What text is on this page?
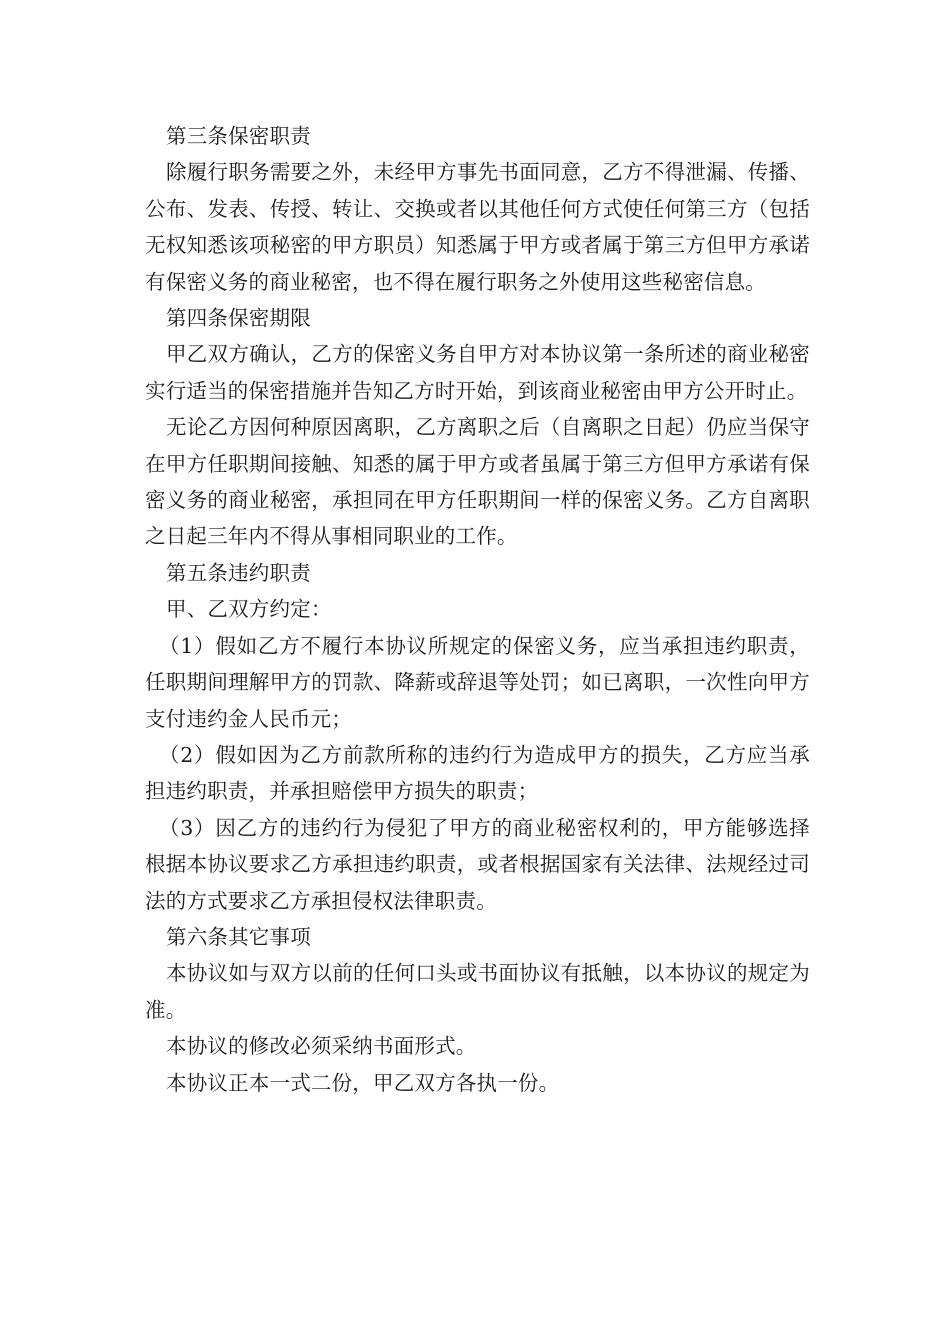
第三条保密职责

除履行职务需要之外，未经甲方事先书面同意，乙方不得泄漏、传播、公布、发表、传授、转让、交换或者以其他任何方式使任何第三方（包括无权知悉该项秘密的甲方职员）知悉属于甲方或者属于第三方但甲方承诺有保密义务的商业秘密，也不得在履行职务之外使用这些秘密信息。

第四条保密期限

甲乙双方确认，乙方的保密义务自甲方对本协议第一条所述的商业秘密实行适当的保密措施并告知乙方时开始，到该商业秘密由甲方公开时止。

无论乙方因何种原因离职，乙方离职之后（自离职之日起）仍应当保守在甲方任职期间接触、知悉的属于甲方或者虽属于第三方但甲方承诺有保密义务的商业秘密，承担同在甲方任职期间一样的保密义务。乙方自离职之日起三年内不得从事相同职业的工作。

第五条违约职责

甲、乙双方约定：

（1）假如乙方不履行本协议所规定的保密义务，应当承担违约职责，任职期间理解甲方的罚款、降薪或辞退等处罚；如已离职，一次性向甲方支付违约金人民币元；

（2）假如因为乙方前款所称的违约行为造成甲方的损失，乙方应当承担违约职责，并承担赔偿甲方损失的职责；

（3）因乙方的违约行为侵犯了甲方的商业秘密权利的，甲方能够选择根据本协议要求乙方承担违约职责，或者根据国家有关法律、法规经过司法的方式要求乙方承担侵权法律职责。

第六条其它事项

本协议如与双方以前的任何口头或书面协议有抵触，以本协议的规定为准。

本协议的修改必须采纳书面形式。

本协议正本一式二份，甲乙双方各执一份。
